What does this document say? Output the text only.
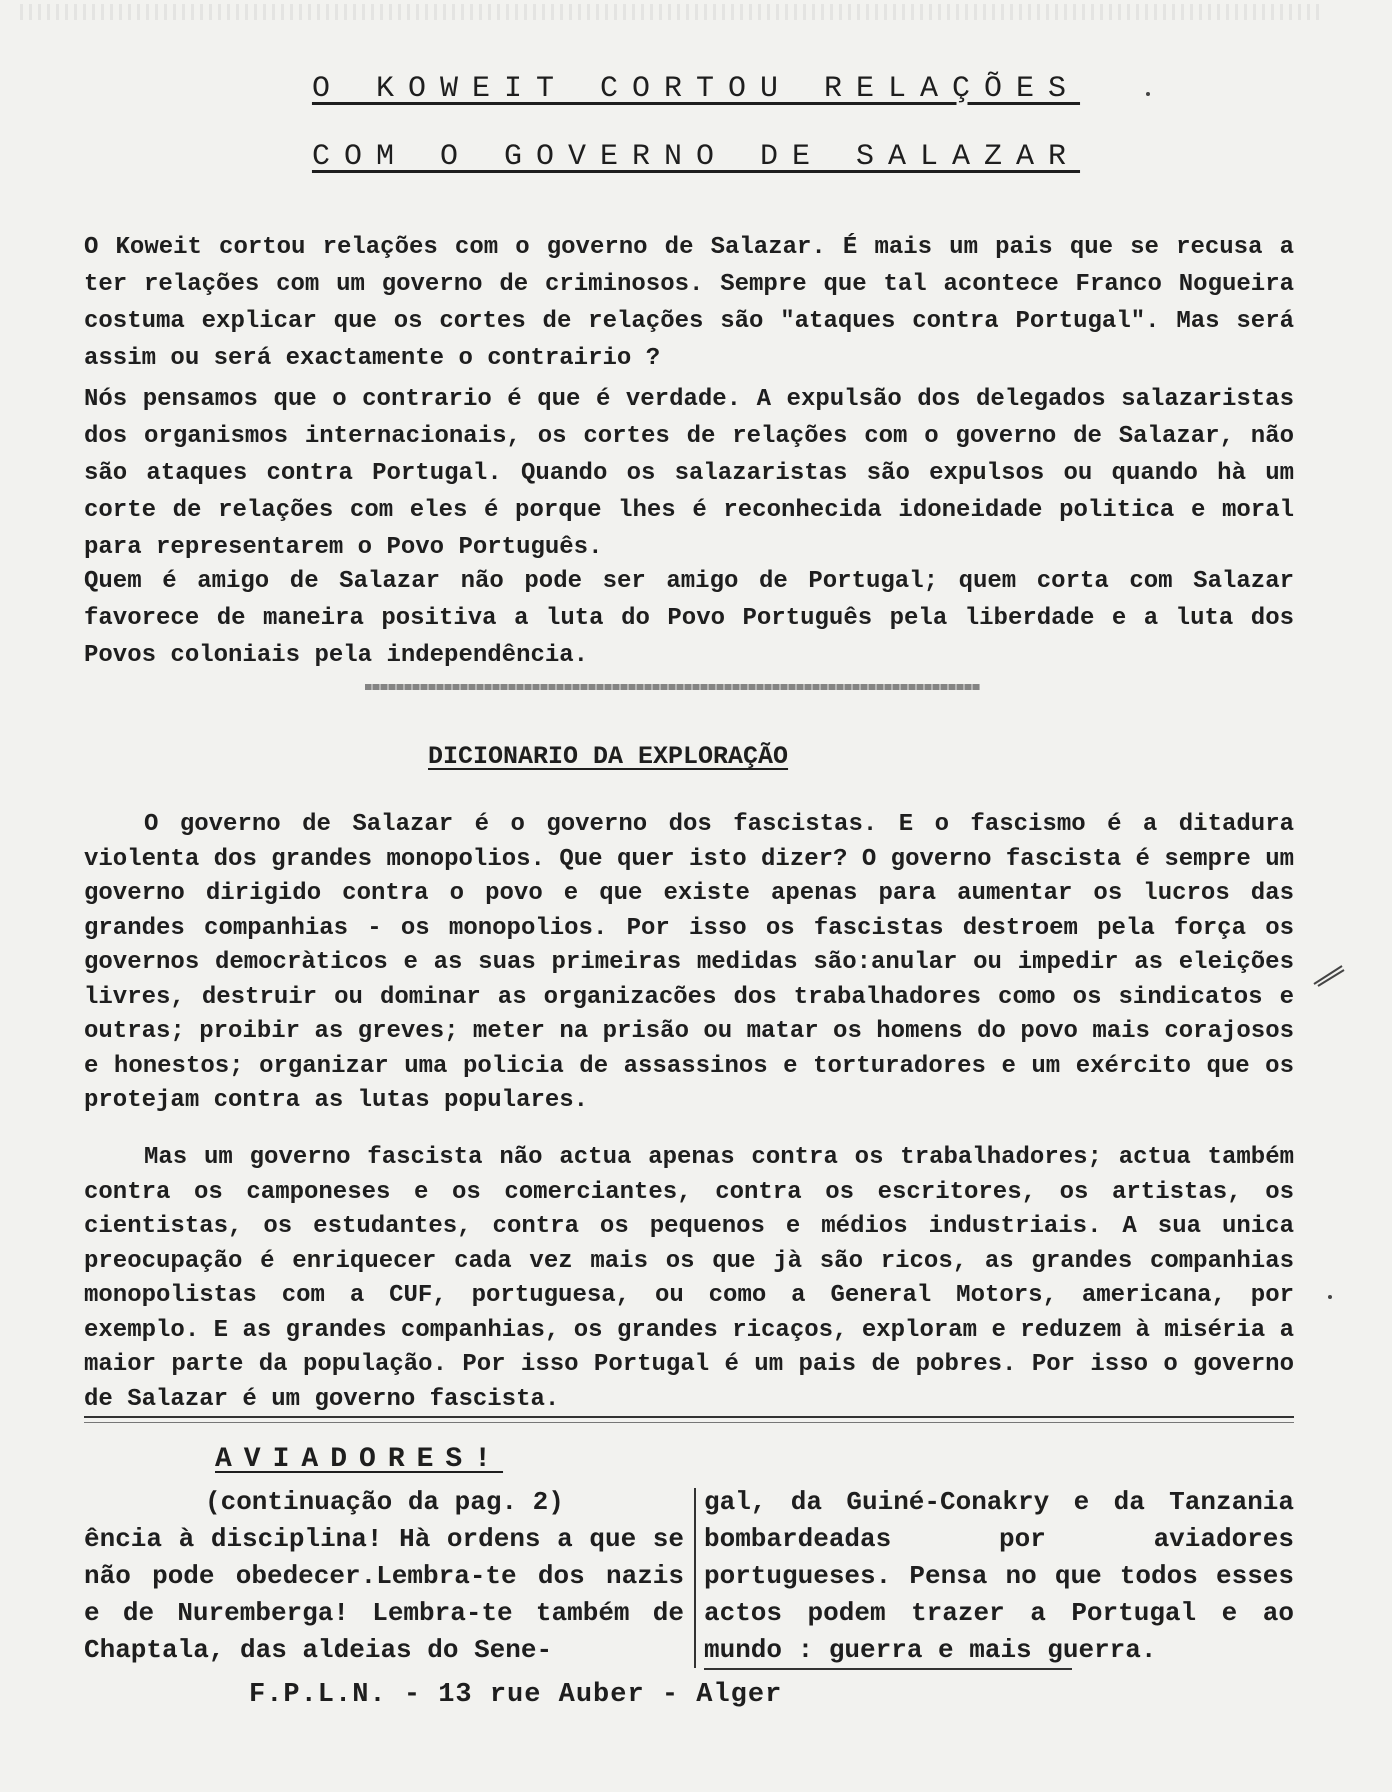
O KOWEIT CORTOU RELAÇÕES
COM O GOVERNO DE SALAZAR
O Koweit cortou relações com o governo de Salazar. É mais um pais que se recusa a ter relações com um governo de criminosos. Sempre que tal acontece Franco Nogueira costuma explicar que os cortes de relações são "ataques contra Portugal". Mas será assim ou será exactamente o contrairio ?
Nós pensamos que o contrario é que é verdade. A expulsão dos delegados salazaristas dos organismos internacionais, os cortes de relações com o governo de Salazar, não são ataques contra Portugal. Quando os salazaristas são expulsos ou quando hà um corte de relações com eles é porque lhes é reconhecida idoneidade politica e moral para representarem o Povo Português.
Quem é amigo de Salazar não pode ser amigo de Portugal; quem corta com Salazar favorece de maneira positiva a luta do Povo Português pela liberdade e a luta dos Povos coloniais pela independência.
DICIONARIO DA EXPLORAÇÃO
O governo de Salazar é o governo dos fascistas. E o fascismo é a ditadura violenta dos grandes monopolios. Que quer isto dizer? O governo fascista é sempre um governo dirigido contra o povo e que existe apenas para aumentar os lucros das grandes companhias - os monopolios. Por isso os fascistas destroem pela força os governos democràticos e as suas primeiras medidas são:anular ou impedir as eleições livres, destruir ou dominar as organizacões dos trabalhadores como os sindicatos e outras; proibir as greves; meter na prisão ou matar os homens do povo mais corajosos e honestos; organizar uma policia de assassinos e torturadores e um exército que os protejam contra as lutas populares.
Mas um governo fascista não actua apenas contra os trabalhadores; actua também contra os camponeses e os comerciantes, contra os escritores, os artistas, os cientistas, os estudantes, contra os pequenos e médios industriais. A sua unica preocupação é enriquecer cada vez mais os que jà são ricos, as grandes companhias monopolistas com a CUF, portuguesa, ou como a General Motors, americana, por exemplo. E as grandes companhias, os grandes ricaços, exploram e reduzem à miséria a maior parte da população. Por isso Portugal é um pais de pobres. Por isso o governo de Salazar é um governo fascista.
AVIADORES!
(continuação da pag. 2)
ência à disciplina! Hà ordens a que se não pode obedecer.Lembra-te dos nazis e de Nuremberga! Lembra-te também de Chaptala, das aldeias do Sene-
gal, da Guiné-Conakry e da Tanzania bombardeadas por aviadores portugueses. Pensa no que todos esses actos podem trazer a Portugal e ao mundo : guerra e mais guerra.
F.P.L.N. - 13 rue Auber - Alger
